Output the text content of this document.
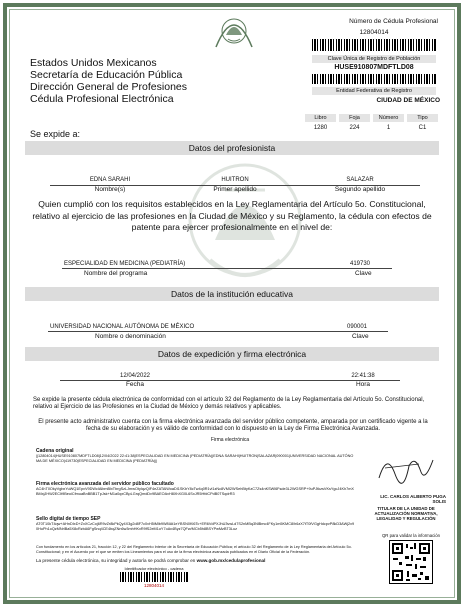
Estados Unidos Mexicanos
Secretaría de Educación Pública
Dirección General de Profesiones
Cédula Profesional Electrónica
Se expide a:
Número de Cédula Profesional
12804014
Clave Única de Registro de Población
HUSE910807MDFTLD08
Entidad Federativa de Registro
CIUDAD DE MÉXICO
Libro	Foja	Número	Tipo
1280	224	1	C1
Datos del profesionista
EDNA SARAHI	HUITRON	SALAZAR
Nombre(s)	Primer apellido	Segundo apellido
Quien cumplió con los requisitos establecidos en la Ley Reglamentaria del Artículo 5o. Constitucional, relativo al ejercicio de las profesiones en la Ciudad de México y su Reglamento, la cédula con efectos de patente para ejercer profesionalmente en el nivel de:
ESPECIALIDAD EN MEDICINA (PEDIATRÍA)	419730
Nombre del programa	Clave
Datos de la institución educativa
UNIVERSIDAD NACIONAL AUTÓNOMA DE MÉXICO	090001
Nombre o denominación	Clave
Datos de expedición y firma electrónica
12/04/2022	22:41:38
Fecha	Hora
Se expide la presente cédula electrónica de conformidad con el artículo 32 del Reglamento de la Ley Reglamentaria del Artículo 5o. Constitucional, relativo al Ejercicio de las Profesiones en la Ciudad de México y demás relativos y aplicables.
El presente acto administrativo cuenta con la firma electrónica avanzada del servidor público competente, amparada por un certificado vigente a la fecha de su elaboración y es válido de conformidad con lo dispuesto en la Ley de Firma Electrónica Avanzada.
Firma electrónica
Cadena original
||12804014|HUSE910807MDFTLD08|12/04/2022 22:41:38|ESPECIALIDAD EN MEDICINA (PEDIATRÍA)|EDNA SARAHI|HUITRON|SALAZAR|090001|UNIVERSIDAD NACIONAL AUTÓNOMA DE MÉXICO|419730|ESPECIALIDAD EN MEDICINA (PEDIATRÍA)||
Firma electrónica avanzada del servidor público facultado
AC4hT0OkyVgbxYuWQ1EpxV9DWcIAlbmBlxTbrgSzLJmwOtyIqzQlF4eZATAlWoaDI1SKbY8cTw4q0R1vl1zNc8VMI2WSehBtyKzC7Zs4nKSWl6Fsde3L2WGSRP+9uPJtkzsVKsYgcJ4Kh7mXBMxjJHW2ECIt9BeoiCfmuaBnBBB1TpJsk+M1a0qxCBpLGrqQmdDv9BAEOAvH8XhXG0L6SxJR5HfdCPdB0TSqdrR3
Sello digital de tiempo SEP
AT0T10kT4qw+AHnDIxD+ZxXCzCoj6R9vZr8kPkQy4X3g2d8F7c0vH5iMlb9W8IAt1eYBSN0Kl6Tc+ER6VdPXJhU3vwLd7S2nMBq3NlBmc4FKy1m5KMC8/h6zX7tT0fVGgHdcpvP8kD3AWj2x90HuPh1oQzMNrlBa5X8cRzbA6FgSnq4CE4bqZNn6w3mhHKxR9fS2eM1oY7oAv4Byz7QFw/MCb5h8BSYPwMzBT3Luz
Con fundamento en los artículos 21, fracción 12, y 22 del Reglamento Interior de la Secretaría de Educación Pública; el artículo 32 del Reglamento de la Ley Reglamentaria del Artículo 5o. Constitucional; y en el Acuerdo por el que se emiten los Lineamientos para el uso de la firma electrónica avanzada publicados en el Diario Oficial de la Federación.
La presente cédula electrónica, su integridad y autoría se podrá comprobar en www.gob.mx/cedulaprofesional
Identificador electrónico - cadena
12804014
LIC. CARLOS ALBERTO PUGA SOLIS
TITULAR DE LA UNIDAD DE ACTUALIZACIÓN NORMATIVA, LEGALIDAD Y REGULACIÓN
QR para validar la información
